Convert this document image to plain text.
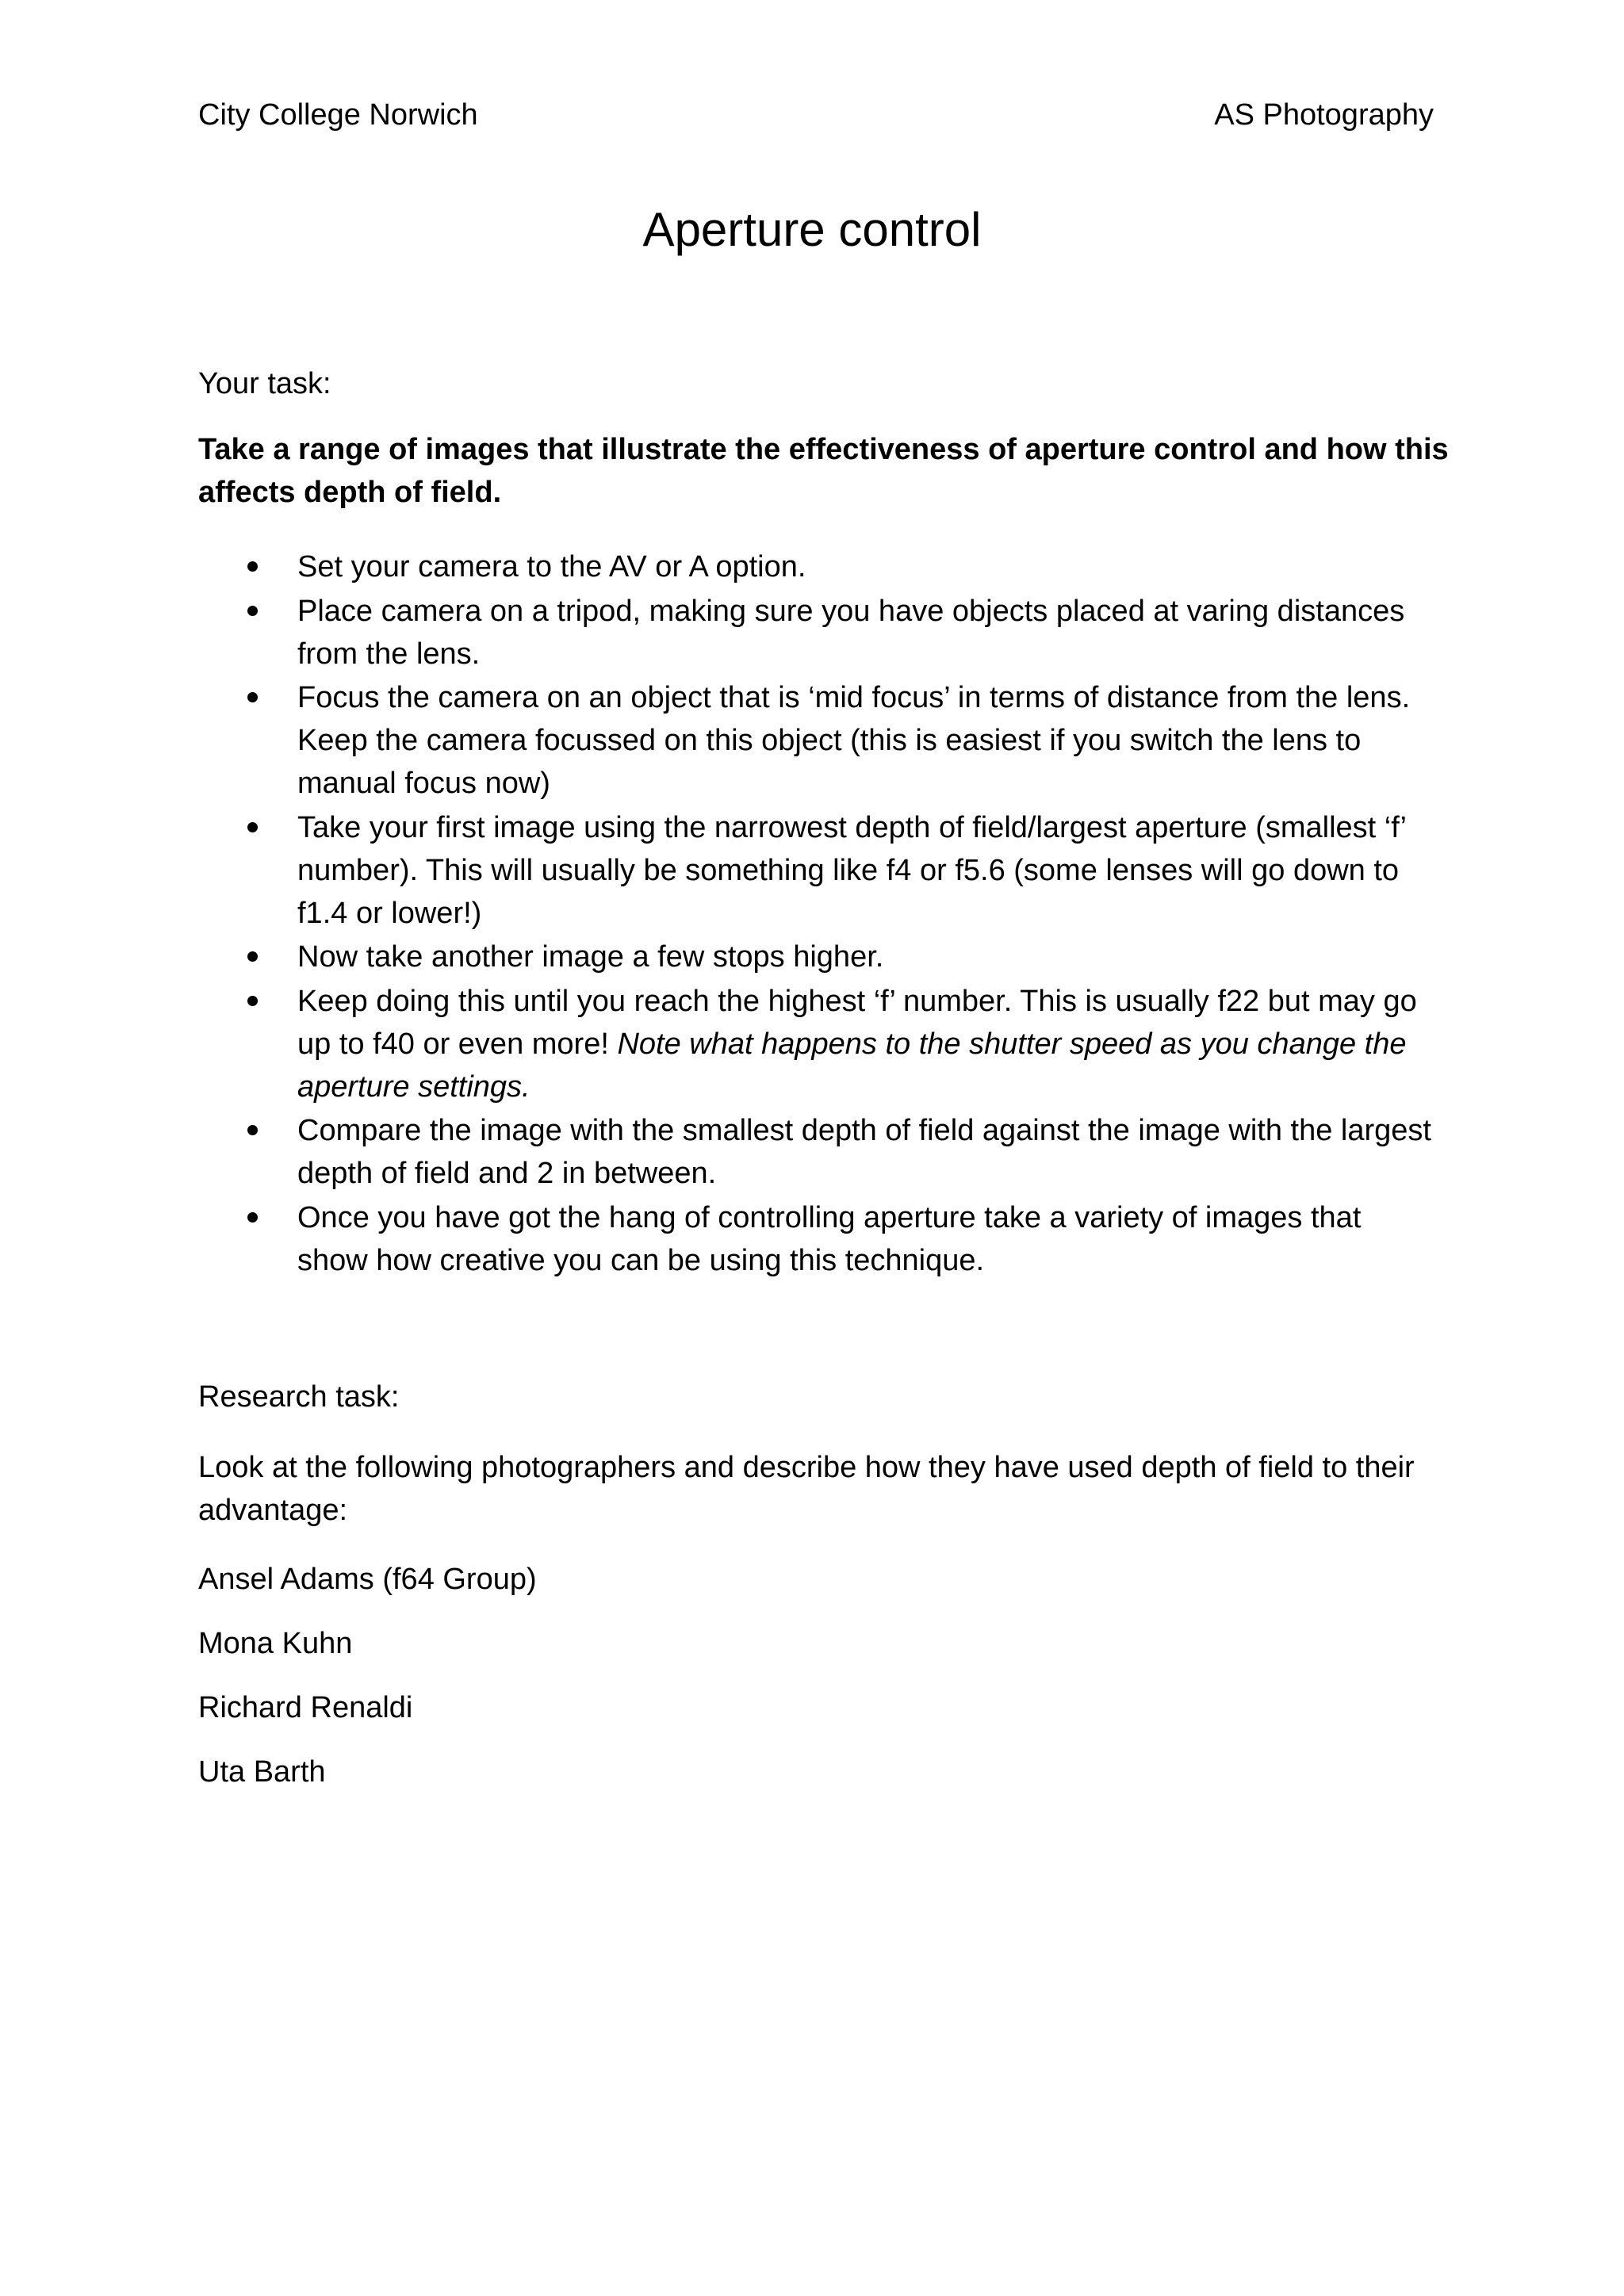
City College Norwich	AS Photography
Aperture control
Your task:
Take a range of images that illustrate the effectiveness of aperture control and how this affects depth of field.
Set your camera to the AV or A option.
Place camera on a tripod, making sure you have objects placed at varing distances from the lens.
Focus the camera on an object that is ‘mid focus’ in terms of distance from the lens. Keep the camera focussed on this object (this is easiest if you switch the lens to manual focus now)
Take your first image using the narrowest depth of field/largest aperture (smallest ‘f’ number). This will usually be something like f4 or f5.6 (some lenses will go down to f1.4 or lower!)
Now take another image a few stops higher.
Keep doing this until you reach the highest ‘f’ number. This is usually f22 but may go up to f40 or even more! Note what happens to the shutter speed as you change the aperture settings.
Compare the image with the smallest depth of field against the image with the largest depth of field and 2 in between.
Once you have got the hang of controlling aperture take a variety of images that show how creative you can be using this technique.
Research task:
Look at the following photographers and describe how they have used depth of field to their advantage:
Ansel Adams (f64 Group)
Mona Kuhn
Richard Renaldi
Uta Barth
